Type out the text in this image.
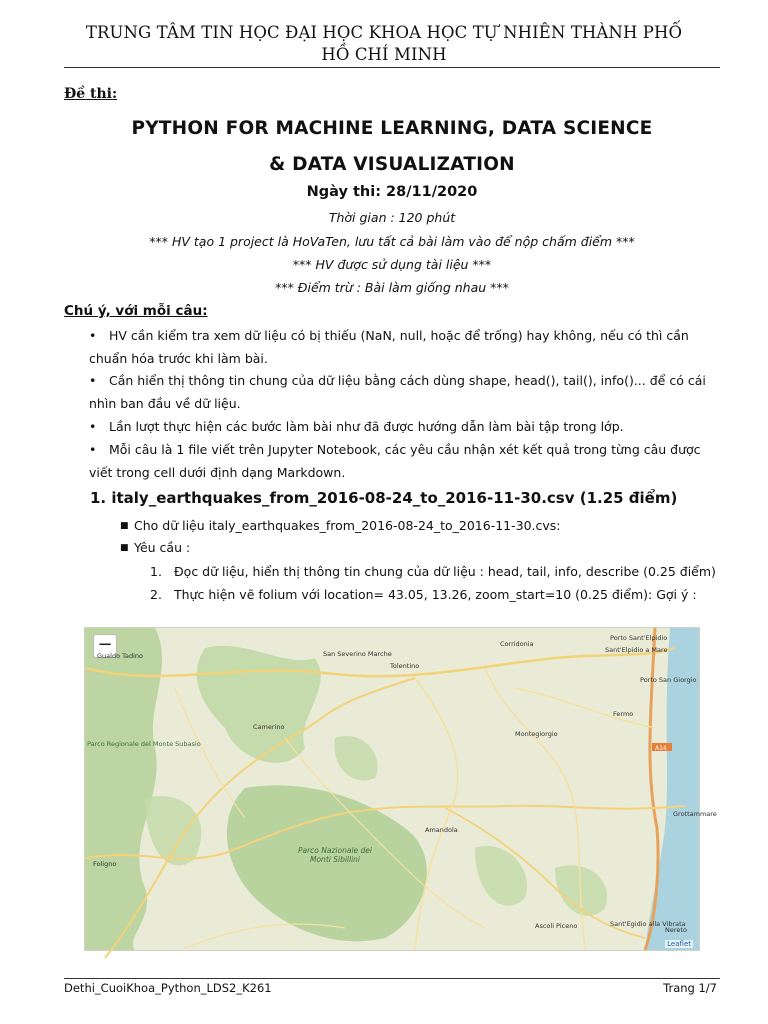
TRUNG TÂM TIN HỌC ĐẠI HỌC KHOA HỌC TỰ NHIÊN THÀNH PHỐ
HỒ CHÍ MINH
Đề thi:
PYTHON FOR MACHINE LEARNING, DATA SCIENCE
& DATA VISUALIZATION
Ngày thi: 28/11/2020
Thời gian : 120 phút
*** HV tạo 1 project là HoVaTen, lưu tất cả bài làm vào để nộp chấm điểm ***
*** HV được sử dụng tài liệu ***
*** Điểm trừ : Bài làm giống nhau ***
Chú ý, với mỗi câu:
• HV cần kiểm tra xem dữ liệu có bị thiếu (NaN, null, hoặc để trống) hay không, nếu có thì cần
chuẩn hóa trước khi làm bài.
• Cần hiển thị thông tin chung của dữ liệu bằng cách dùng shape, head(), tail(), info()... để có cái
nhìn ban đầu về dữ liệu.
• Lần lượt thực hiện các bước làm bài như đã được hướng dẫn làm bài tập trong lớp.
• Mỗi câu là 1 file viết trên Jupyter Notebook, các yêu cầu nhận xét kết quả trong từng câu được
viết trong cell dưới định dạng Markdown.
1. italy_earthquakes_from_2016-08-24_to_2016-11-30.csv (1.25 điểm)
■ Cho dữ liệu italy_earthquakes_from_2016-08-24_to_2016-11-30.cvs:
■ Yêu cầu :
1. Đọc dữ liệu, hiển thị thông tin chung của dữ liệu : head, tail, info, describe (0.25 điểm)
2. Thực hiện vẽ folium với location= 43.05, 13.26, zoom_start=10 (0.25 điểm): Gợi ý :
A14
−
Gualdo Tadino	San Severino Marche
Tolentino
Corridonia
Porto Sant'Elpidio
Sant'Elpidio a Mare
Porto San Giorgio
Fermo
Camerino
Montegiorgio
Parco Regionale del Monte Subasio
Foligno
Amandola
Ascoli Piceno	Sant'Egidio alla Vibrata
Nereto
Grottammare
Parco Nazionale dei Monti Sibillini
Leaflet
Dethi_CuoiKhoa_Python_LDS2_K261	Trang 1/7
